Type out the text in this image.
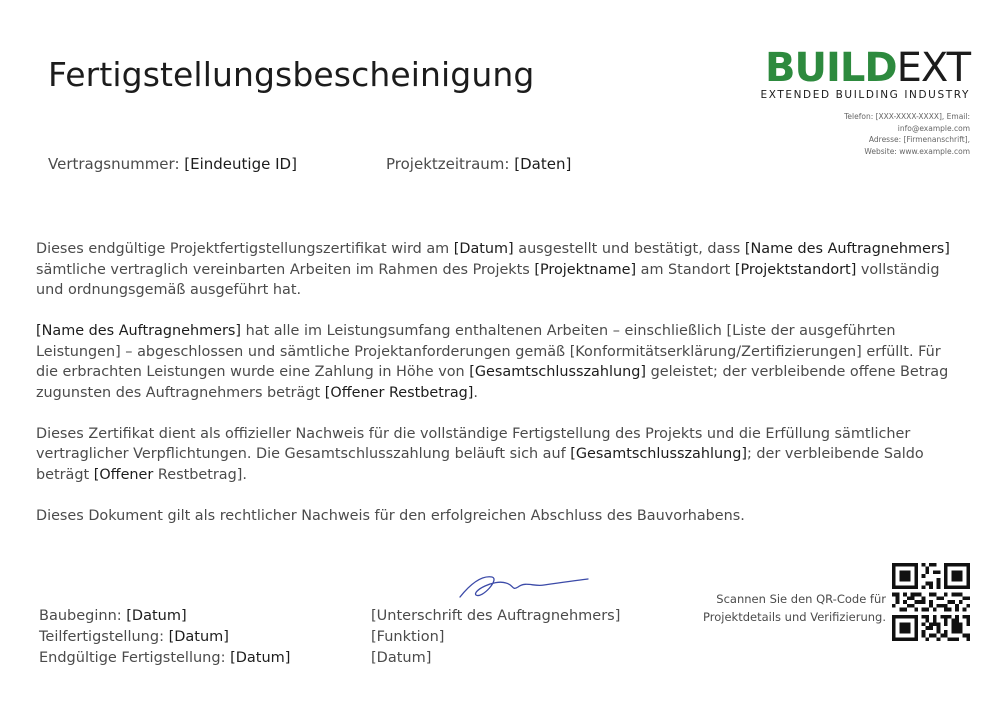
Fertigstellungsbescheinigung	BUILDEXT
EXTENDED BUILDING INDUSTRY
Telefon: [XXX-XXXX-XXXX], Email:
info@example.com
Adresse: [Firmenanschrift],
Website: www.example.com
Vertragsnummer: [Eindeutige ID]	Projektzeitraum: [Daten]

Dieses endgültige Projektfertigstellungszertifikat wird am [Datum] ausgestellt und bestätigt, dass [Name des Auftragnehmers] sämtliche vertraglich vereinbarten Arbeiten im Rahmen des Projekts [Projektname] am Standort [Projektstandort] vollständig und ordnungsgemäß ausgeführt hat.

[Name des Auftragnehmers] hat alle im Leistungsumfang enthaltenen Arbeiten – einschließlich [Liste der ausgeführten Leistungen] – abgeschlossen und sämtliche Projektanforderungen gemäß [Konformitätserklärung/Zertifizierungen] erfüllt. Für die erbrachten Leistungen wurde eine Zahlung in Höhe von [Gesamtschlusszahlung] geleistet; der verbleibende offene Betrag zugunsten des Auftragnehmers beträgt [Offener Restbetrag].

Dieses Zertifikat dient als offizieller Nachweis für die vollständige Fertigstellung des Projekts und die Erfüllung sämtlicher vertraglicher Verpflichtungen. Die Gesamtschlusszahlung beläuft sich auf [Gesamtschlusszahlung]; der verbleibende Saldo beträgt [Offener Restbetrag].

Dieses Dokument gilt als rechtlicher Nachweis für den erfolgreichen Abschluss des Bauvorhabens.

Baubeginn: [Datum]
Teilfertigstellung: [Datum]
Endgültige Fertigstellung: [Datum]
[Unterschrift des Auftragnehmers]
[Funktion]
[Datum]
Scannen Sie den QR-Code für
Projektdetails und Verifizierung.
